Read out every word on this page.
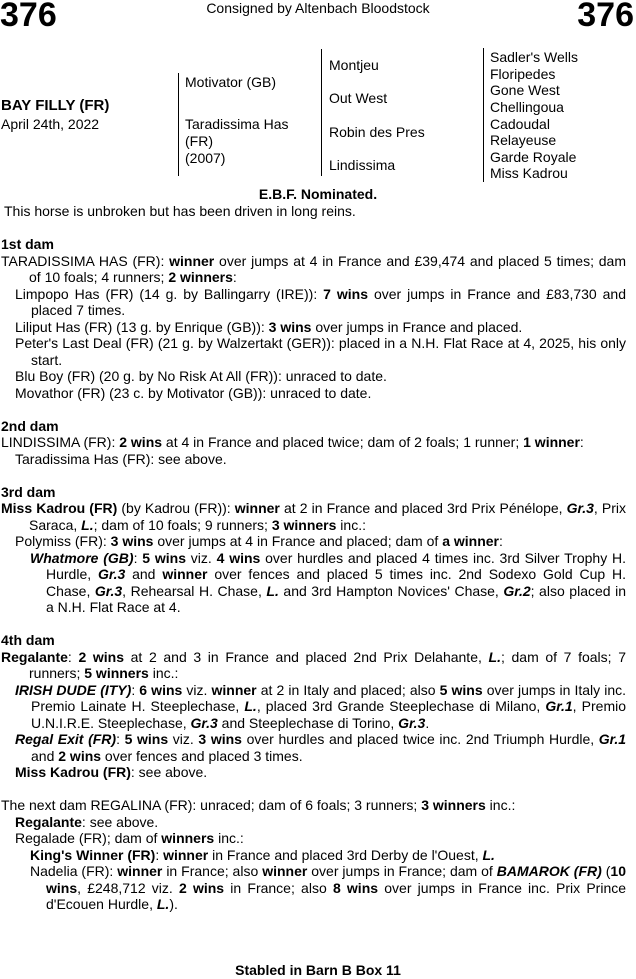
376	Consigned by Altenbach Bloodstock	376
BAY FILLY (FR)
April 24th, 2022
Motivator (GB)
Taradissima Has
(FR)
(2007)
Montjeu
Out West
Robin des Pres
Lindissima
Sadler's Wells
Floripedes
Gone West
Chellingoua
Cadoudal
Relayeuse
Garde Royale
Miss Kadrou
E.B.F. Nominated.
This horse is unbroken but has been driven in long reins.
1st dam
TARADISSIMA HAS (FR): winner over jumps at 4 in France and £39,474 and placed 5 times; dam of 10 foals; 4 runners; 2 winners:
Limpopo Has (FR) (14 g. by Ballingarry (IRE)): 7 wins over jumps in France and £83,730 and placed 7 times.
Liliput Has (FR) (13 g. by Enrique (GB)): 3 wins over jumps in France and placed.
Peter's Last Deal (FR) (21 g. by Walzertakt (GER)): placed in a N.H. Flat Race at 4, 2025, his only start.
Blu Boy (FR) (20 g. by No Risk At All (FR)): unraced to date.
Movathor (FR) (23 c. by Motivator (GB)): unraced to date.
2nd dam
LINDISSIMA (FR): 2 wins at 4 in France and placed twice; dam of 2 foals; 1 runner; 1 winner:
Taradissima Has (FR): see above.
3rd dam
Miss Kadrou (FR) (by Kadrou (FR)): winner at 2 in France and placed 3rd Prix Pénélope, Gr.3, Prix Saraca, L.; dam of 10 foals; 9 runners; 3 winners inc.:
Polymiss (FR): 3 wins over jumps at 4 in France and placed; dam of a winner:
Whatmore (GB): 5 wins viz. 4 wins over hurdles and placed 4 times inc. 3rd Silver Trophy H. Hurdle, Gr.3 and winner over fences and placed 5 times inc. 2nd Sodexo Gold Cup H. Chase, Gr.3, Rehearsal H. Chase, L. and 3rd Hampton Novices' Chase, Gr.2; also placed in a N.H. Flat Race at 4.
4th dam
Regalante: 2 wins at 2 and 3 in France and placed 2nd Prix Delahante, L.; dam of 7 foals; 7 runners; 5 winners inc.:
IRISH DUDE (ITY): 6 wins viz. winner at 2 in Italy and placed; also 5 wins over jumps in Italy inc. Premio Lainate H. Steeplechase, L., placed 3rd Grande Steeplechase di Milano, Gr.1, Premio U.N.I.R.E. Steeplechase, Gr.3 and Steeplechase di Torino, Gr.3.
Regal Exit (FR): 5 wins viz. 3 wins over hurdles and placed twice inc. 2nd Triumph Hurdle, Gr.1 and 2 wins over fences and placed 3 times.
Miss Kadrou (FR): see above.
The next dam REGALINA (FR): unraced; dam of 6 foals; 3 runners; 3 winners inc.:
Regalante: see above.
Regalade (FR); dam of winners inc.:
King's Winner (FR): winner in France and placed 3rd Derby de l'Ouest, L.
Nadelia (FR): winner in France; also winner over jumps in France; dam of BAMAROK (FR) (10 wins, £248,712 viz. 2 wins in France; also 8 wins over jumps in France inc. Prix Prince d'Ecouen Hurdle, L.).
Stabled in Barn B Box 11
